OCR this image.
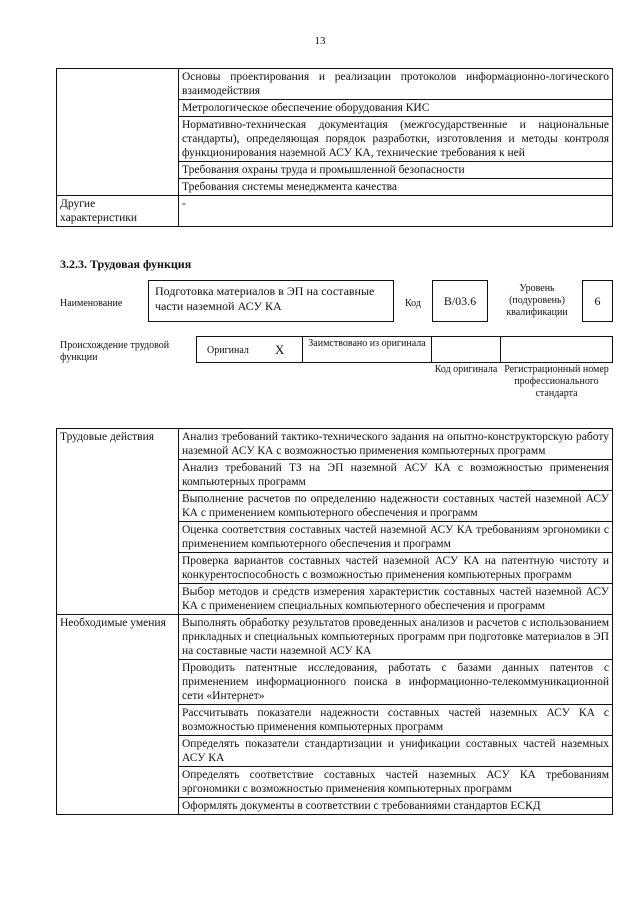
13
	Основы проектирования и реализации протоколов информационно-логического взаимодействия
	Метрологическое обеспечение оборудования КИС
	Нормативно-техническая документация (межгосударственные и национальные стандарты), определяющая порядок разработки, изготовления и методы контроля функционирования наземной АСУ КА, технические требования к ней
	Требования охраны труда и промышленной безопасности
	Требования системы менеджмента качества
Другие характеристики	-
3.2.3. Трудовая функция
Наименование
Подготовка материалов в ЭП на составные части наземной АСУ КА	Код	В/03.6
Уровень (подуровень) квалификации
6
Происхождение трудовой функции
Оригинал X	Заимствовано из оригинала
Код оригинала Регистрационный номер профессионального стандарта
Трудовые действия	Анализ требований тактико-технического задания на опытно-конструкторскую работу наземной АСУ КА с возможностью применения компьютерных программ
	Анализ требований ТЗ на ЭП наземной АСУ КА с возможностью применения компьютерных программ
	Выполнение расчетов по определению надежности составных частей наземной АСУ КА с применением компьютерного обеспечения и программ
	Оценка соответствия составных частей наземной АСУ КА требованиям эргономики с применением компьютерного обеспечения и программ
	Проверка вариантов составных частей наземной АСУ КА на патентную чистоту и конкурентоспособность с возможностью применения компьютерных программ
	Выбор методов и средств измерения характеристик составных частей наземной АСУ КА с применением специальных компьютерного обеспечения и программ
Необходимые умения	Выполнять обработку результатов проведенных анализов и расчетов с использованием прикладных и специальных компьютерных программ при подготовке материалов в ЭП на составные части наземной АСУ КА
	Проводить патентные исследования, работать с базами данных патентов с применением информационного поиска в информационно-телекоммуникационной сети «Интернет»
	Рассчитывать показатели надежности составных частей наземных АСУ КА с возможностью применения компьютерных программ
	Определять показатели стандартизации и унификации составных частей наземных АСУ КА
	Определять соответствие составных частей наземных АСУ КА требованиям эргономики с возможностью применения компьютерных программ
	Оформлять документы в соответствии с требованиями стандартов ЕСКД
